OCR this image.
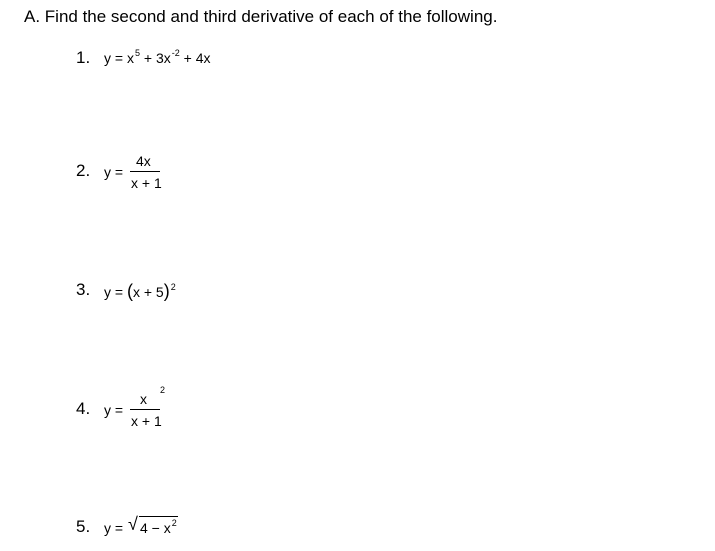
A. Find the second and third derivative of each of the following.
1. $y = x^5 + 3x^{-2} + 4x$
2. y =
4x
x + 1
3. $y = (x + 5)^2$
4. y =
x
2
x + 1
5. y = √ $4 - x^2$
